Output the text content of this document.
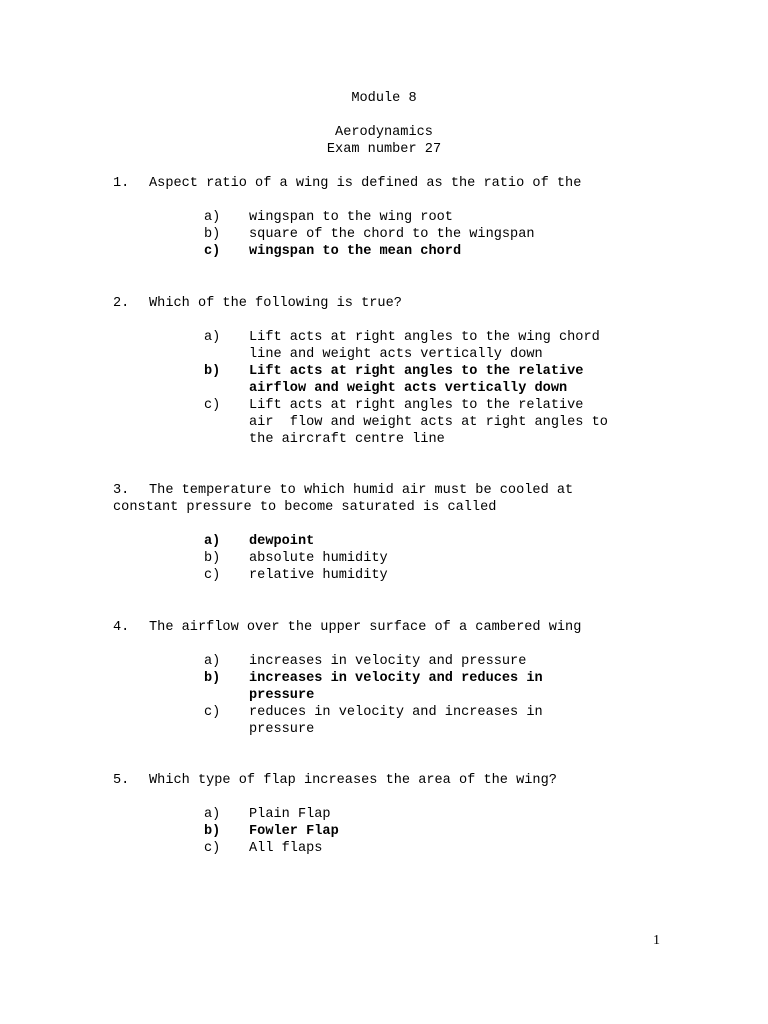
Module 8
Aerodynamics
Exam number 27
1. Aspect ratio of a wing is defined as the ratio of the
a) wingspan to the wing root
b) square of the chord to the wingspan
c) wingspan to the mean chord
2. Which of the following is true?
a) Lift acts at right angles to the wing chord
line and weight acts vertically down
b) Lift acts at right angles to the relative
airflow and weight acts vertically down
c) Lift acts at right angles to the relative
air  flow and weight acts at right angles to
the aircraft centre line
3. The temperature to which humid air must be cooled at
constant pressure to become saturated is called
a) dewpoint
b) absolute humidity
c) relative humidity
4. The airflow over the upper surface of a cambered wing
a) increases in velocity and pressure
b) increases in velocity and reduces in
pressure
c) reduces in velocity and increases in
pressure
5. Which type of flap increases the area of the wing?
a) Plain Flap
b) Fowler Flap
c) All flaps
1
